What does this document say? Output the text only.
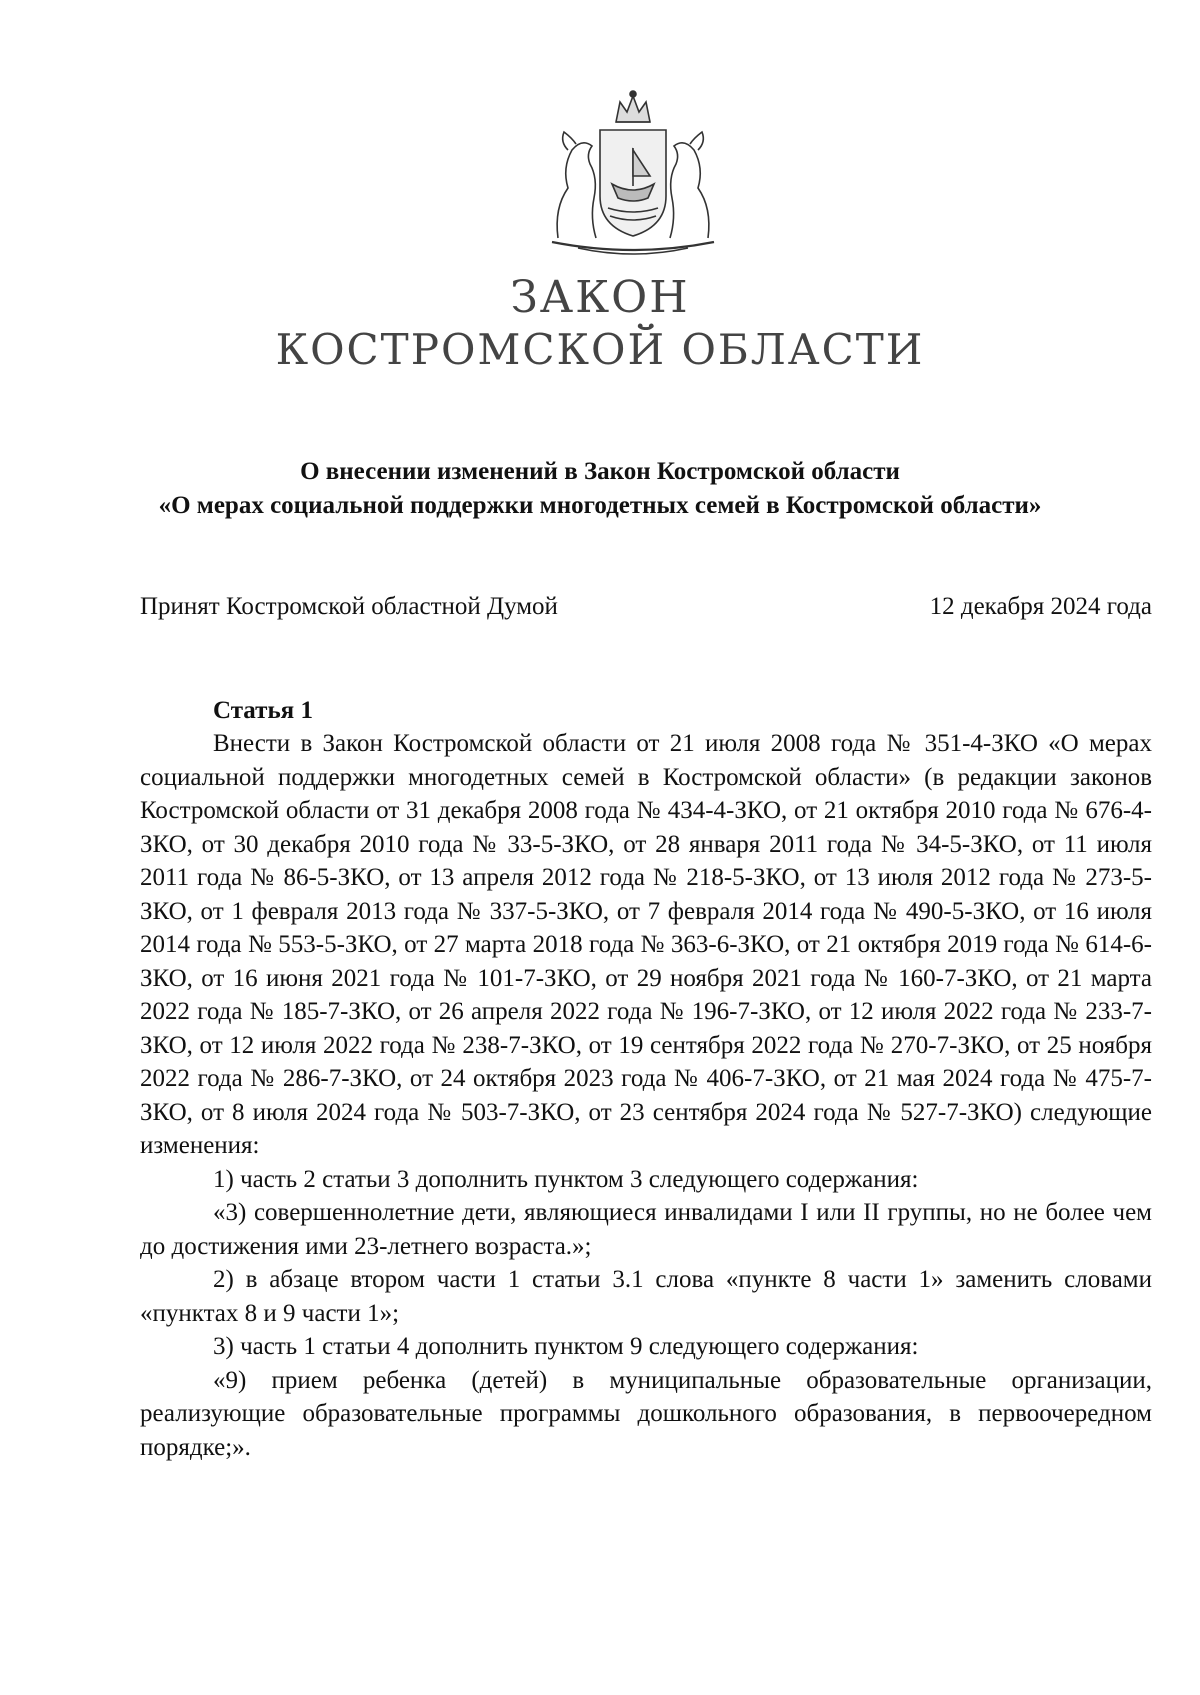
ЗАКОН
КОСТРОМСКОЙ ОБЛАСТИ
О внесении изменений в Закон Костромской области
«О мерах социальной поддержки многодетных семей в Костромской области»
Принят Костромской областной Думой	12 декабря 2024 года
Статья 1

Внести в Закон Костромской области от 21 июля 2008 года № 351-4-ЗКО «О мерах социальной поддержки многодетных семей в Костромской области» (в редакции законов Костромской области от 31 декабря 2008 года № 434-4-ЗКО, от 21 октября 2010 года № 676-4-ЗКО, от 30 декабря 2010 года № 33-5-ЗКО, от 28 января 2011 года № 34-5-ЗКО, от 11 июля 2011 года № 86-5-ЗКО, от 13 апреля 2012 года № 218-5-ЗКО, от 13 июля 2012 года № 273-5-ЗКО, от 1 февраля 2013 года № 337-5-ЗКО, от 7 февраля 2014 года № 490-5-ЗКО, от 16 июля 2014 года № 553-5-ЗКО, от 27 марта 2018 года № 363-6-ЗКО, от 21 октября 2019 года № 614-6-ЗКО, от 16 июня 2021 года № 101-7-ЗКО, от 29 ноября 2021 года № 160-7-ЗКО, от 21 марта 2022 года № 185-7-ЗКО, от 26 апреля 2022 года № 196-7-ЗКО, от 12 июля 2022 года № 233-7-ЗКО, от 12 июля 2022 года № 238-7-ЗКО, от 19 сентября 2022 года № 270-7-ЗКО, от 25 ноября 2022 года № 286-7-ЗКО, от 24 октября 2023 года № 406-7-ЗКО, от 21 мая 2024 года № 475-7-ЗКО, от 8 июля 2024 года № 503-7-ЗКО, от 23 сентября 2024 года № 527-7-ЗКО) следующие изменения:

1) часть 2 статьи 3 дополнить пунктом 3 следующего содержания:

«3) совершеннолетние дети, являющиеся инвалидами I или II группы, но не более чем до достижения ими 23-летнего возраста.»;

2) в абзаце втором части 1 статьи 3.1 слова «пункте 8 части 1» заменить словами «пунктах 8 и 9 части 1»;

3) часть 1 статьи 4 дополнить пунктом 9 следующего содержания:

«9) прием ребенка (детей) в муниципальные образовательные организации, реализующие образовательные программы дошкольного образования, в первоочередном порядке;».
